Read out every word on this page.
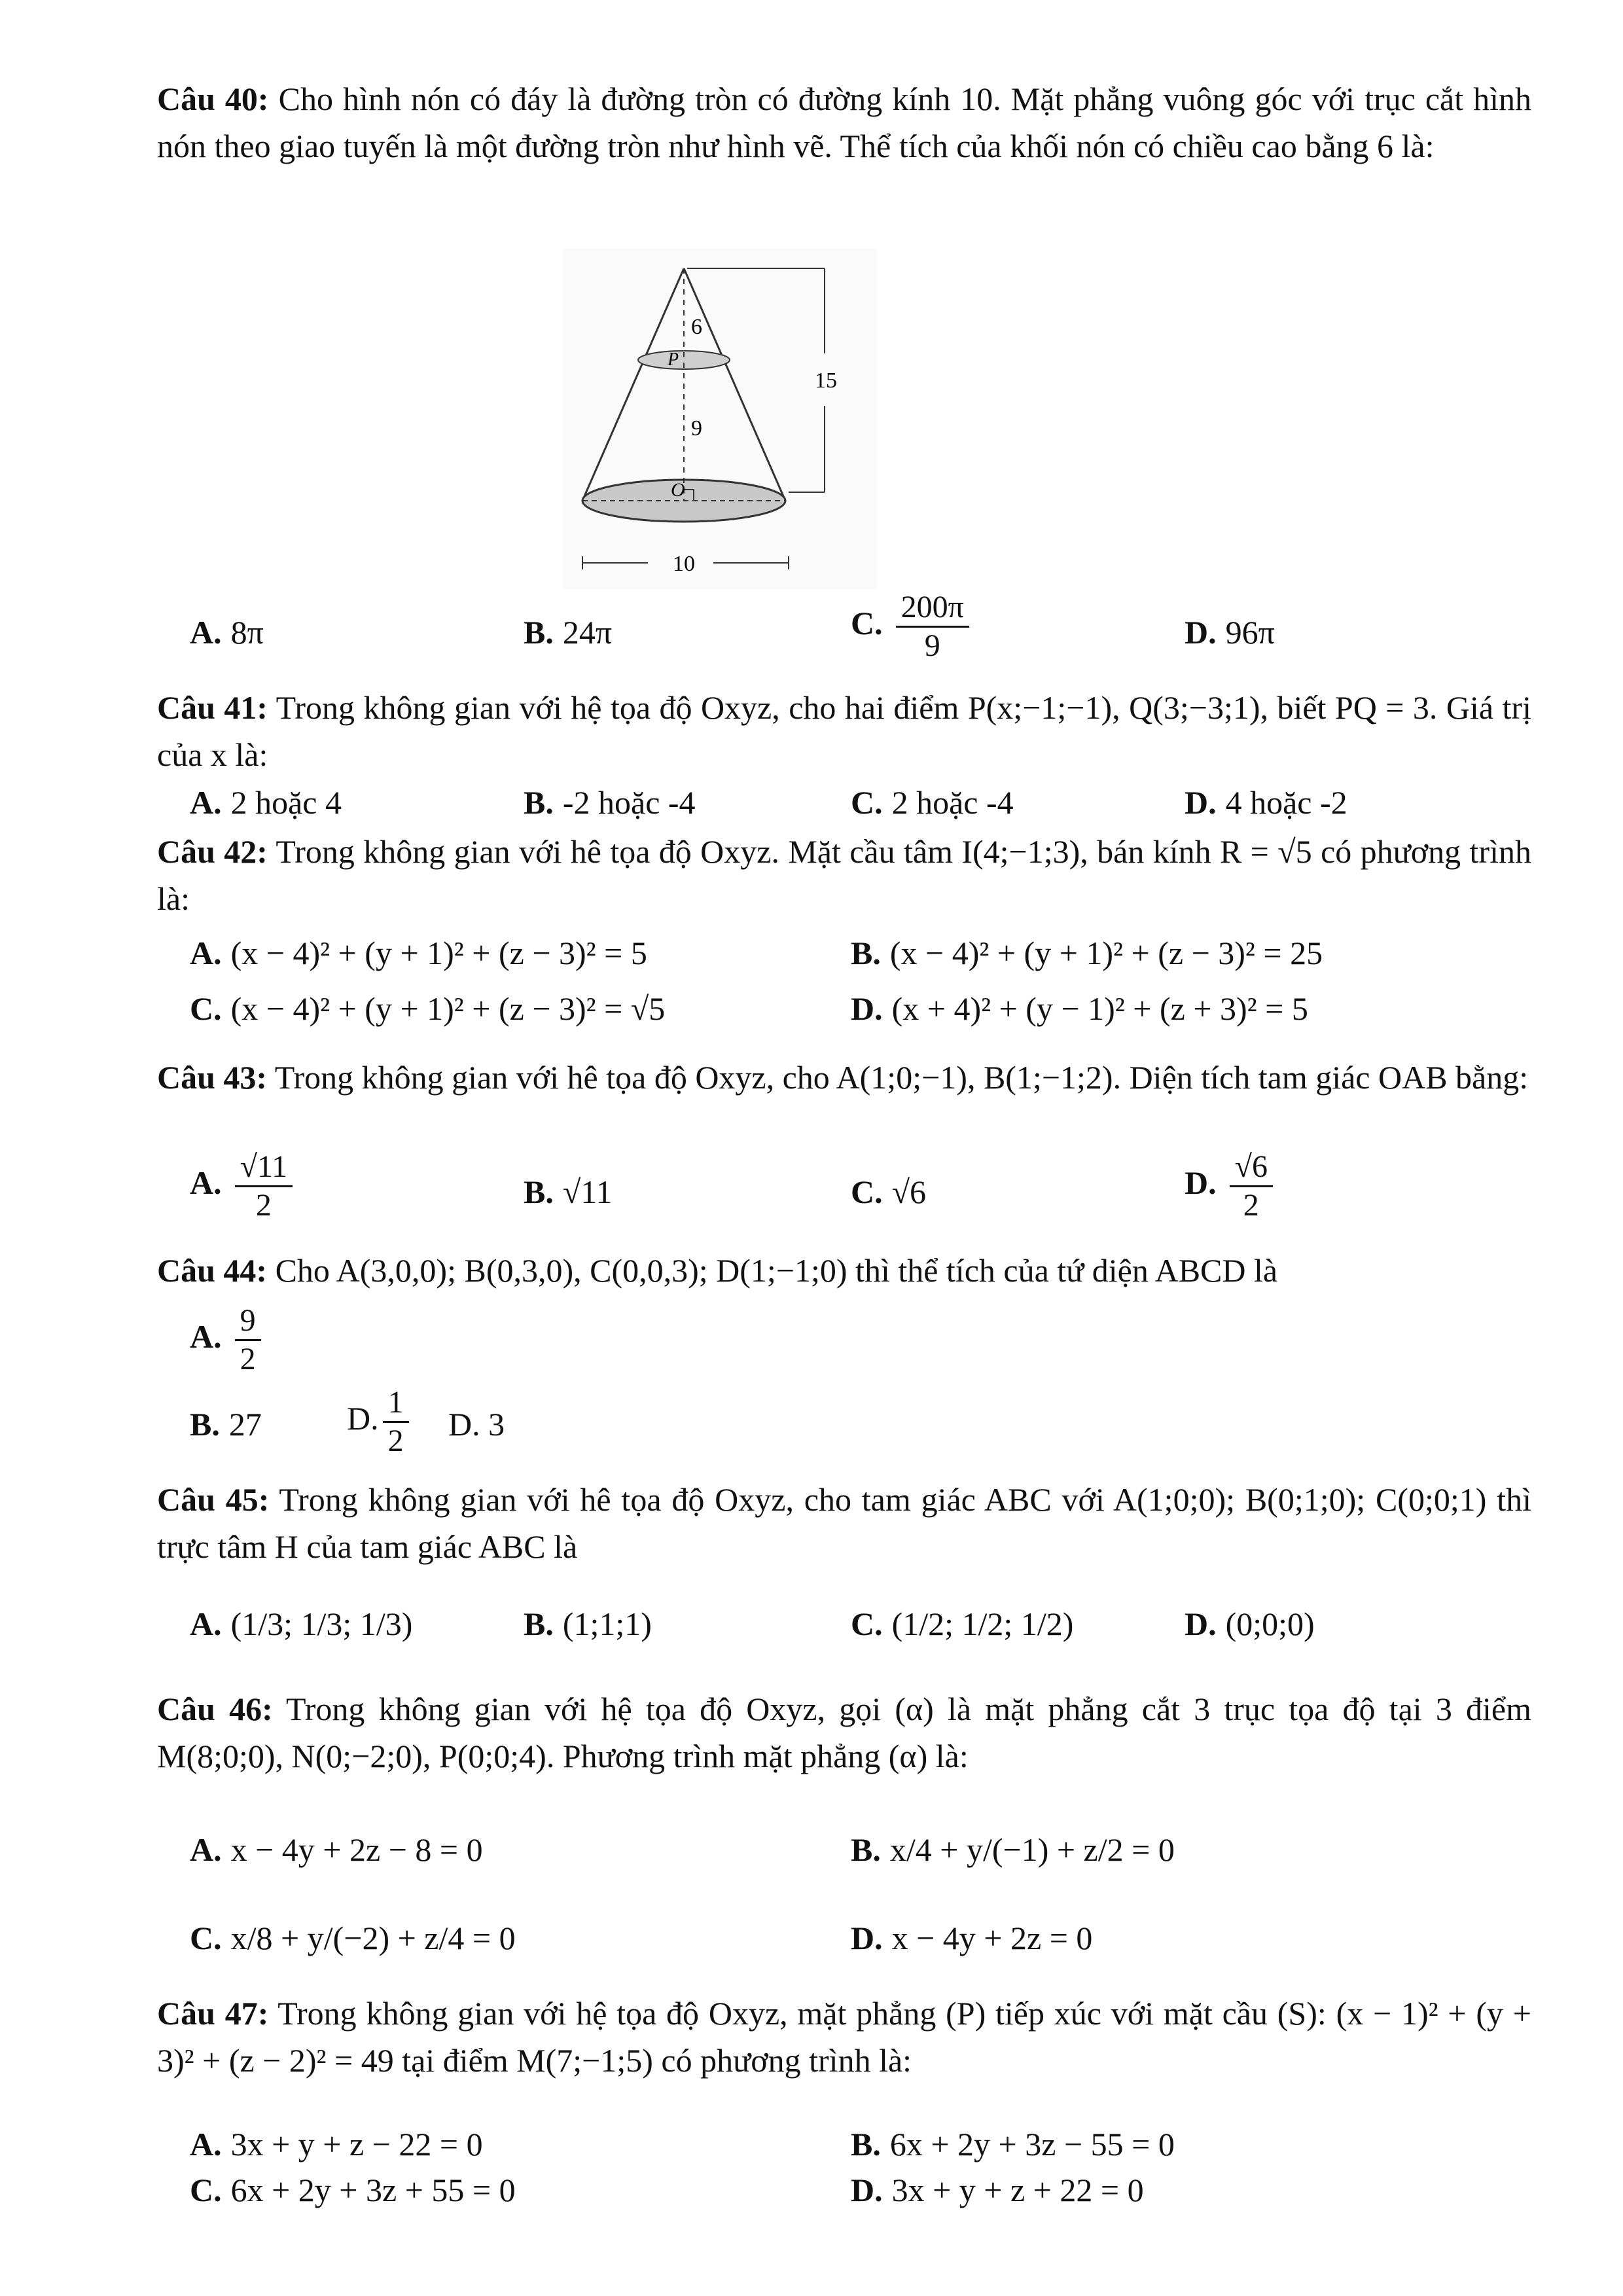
Câu 40: Cho hình nón có đáy là đường tròn có đường kính 10. Mặt phẳng vuông góc với trục cắt hình nón theo giao tuyến là một đường tròn như hình vẽ. Thể tích của khối nón có chiều cao bằng 6 là:
6
P
9
O
15
10
A. 8π	B. 24π	C. $\frac{200\pi}{9}$	D. 96π
Câu 41: Trong không gian với hệ tọa độ Oxyz, cho hai điểm P(x;−1;−1), Q(3;−3;1), biết PQ = 3. Giá trị của x là:
A. 2 hoặc 4	B. -2 hoặc -4	C. 2 hoặc -4	D. 4 hoặc -2
Câu 42: Trong không gian với hê tọa độ Oxyz. Mặt cầu tâm I(4;−1;3), bán kính R = √5 có phương trình là:
A. (x − 4)² + (y + 1)² + (z − 3)² = 5	B. (x − 4)² + (y + 1)² + (z − 3)² = 25
C. (x − 4)² + (y + 1)² + (z − 3)² = √5	D. (x + 4)² + (y − 1)² + (z + 3)² = 5
Câu 43: Trong không gian với hê tọa độ Oxyz, cho A(1;0;−1), B(1;−1;2). Diện tích tam giác OAB bằng:
A. $\frac{√11}{2}$	B. √11	C. √6	D. $\frac{√6}{2}$
Câu 44: Cho A(3,0,0); B(0,3,0), C(0,0,3); D(1;−1;0) thì thể tích của tứ diện ABCD là
A. $\frac{9}{2}$
B. 27	D. $\frac{1}{2} D$. 3
Câu 45: Trong không gian với hê tọa độ Oxyz, cho tam giác ABC với A(1;0;0); B(0;1;0); C(0;0;1) thì trực tâm H của tam giác ABC là
A. (1/3; 1/3; 1/3)	B. (1;1;1)	C. (1/2; 1/2; 1/2)	D. (0;0;0)
Câu 46: Trong không gian với hệ tọa độ Oxyz, gọi (α) là mặt phẳng cắt 3 trục tọa độ tại 3 điểm M(8;0;0), N(0;−2;0), P(0;0;4). Phương trình mặt phẳng (α) là:
A. x − 4y + 2z − 8 = 0	B. x/4 + y/(−1) + z/2 = 0
C. x/8 + y/(−2) + z/4 = 0	D. x − 4y + 2z = 0
Câu 47: Trong không gian với hệ tọa độ Oxyz, mặt phẳng (P) tiếp xúc với mặt cầu (S): (x − 1)² + (y + 3)² + (z − 2)² = 49 tại điểm M(7;−1;5) có phương trình là:
A. 3x + y + z − 22 = 0	B. 6x + 2y + 3z − 55 = 0
C. 6x + 2y + 3z + 55 = 0	D. 3x + y + z + 22 = 0
